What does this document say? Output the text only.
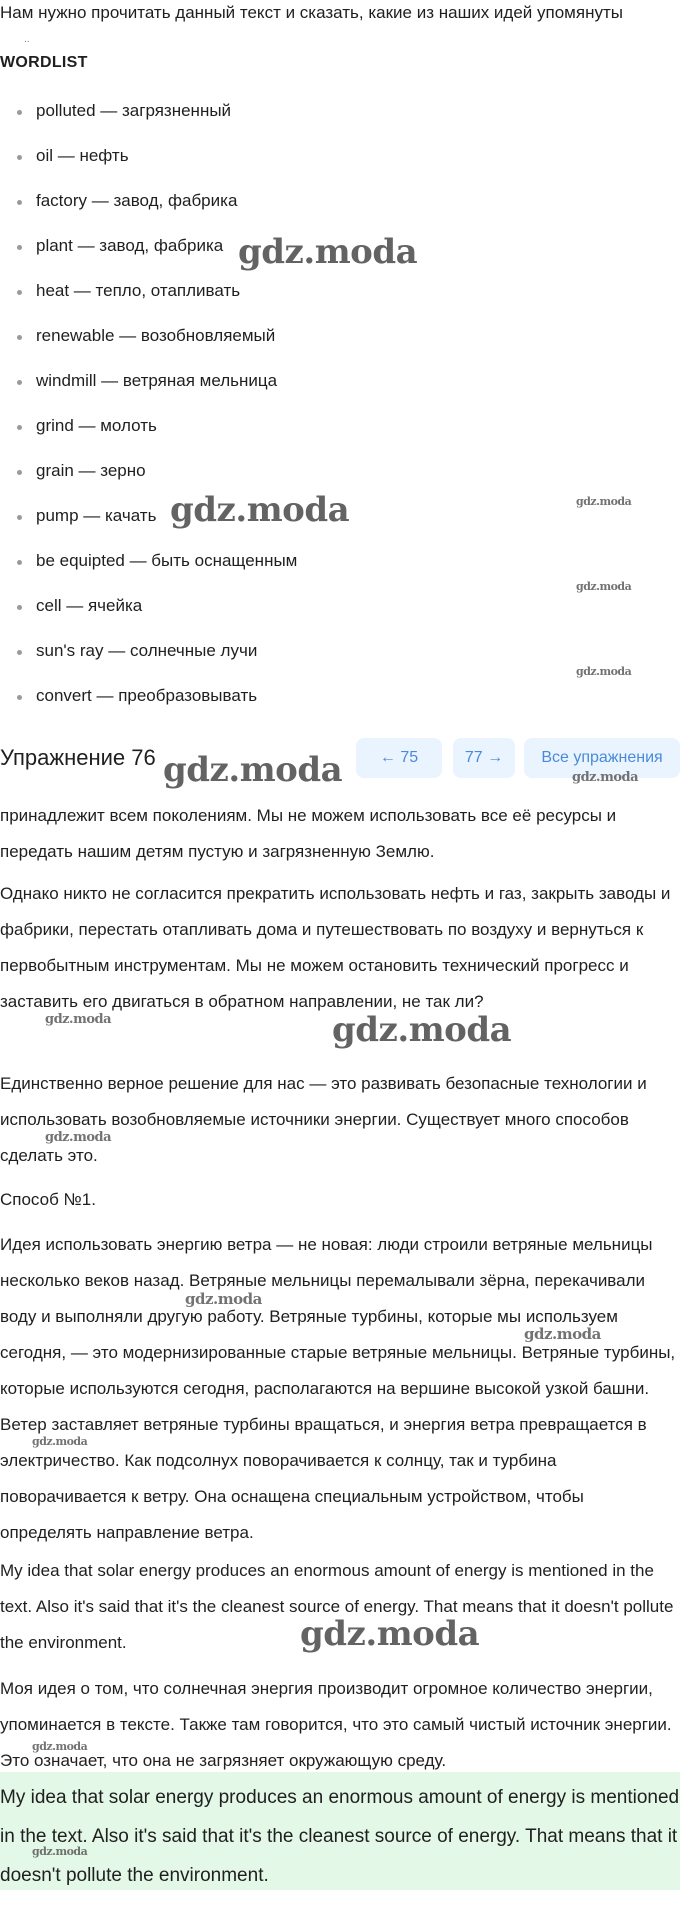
Нам нужно прочитать данный текст и сказать, какие из наших идей упомянуты
..
WORDLIST
polluted — загрязненный
oil — нефть
factory — завод, фабрика
plant — завод, фабрика
heat — тепло, отапливать
renewable — возобновляемый
windmill — ветряная мельница
grind — молоть
grain — зерно
pump — качать
be equipted — быть оснащенным
cell — ячейка
sun's ray — солнечные лучи
convert — преобразовывать
Упражнение 76	← 75	77 →	Все упражнения

принадлежит всем поколениям. Мы не можем использовать все её ресурсы и передать нашим детям пустую и загрязненную Землю.

Однако никто не согласится прекратить использовать нефть и газ, закрыть заводы и фабрики, перестать отапливать дома и путешествовать по воздуху и вернуться к первобытным инструментам. Мы не можем остановить технический прогресс и заставить его двигаться в обратном направлении, не так ли?

Единственно верное решение для нас — это развивать безопасные технологии и использовать возобновляемые источники энергии. Существует много способов сделать это.

Способ №1.

Идея использовать энергию ветра — не новая: люди строили ветряные мельницы несколько веков назад. Ветряные мельницы перемалывали зёрна, перекачивали воду и выполняли другую работу. Ветряные турбины, которые мы используем сегодня, — это модернизированные старые ветряные мельницы. Ветряные турбины, которые используются сегодня, располагаются на вершине высокой узкой башни. Ветер заставляет ветряные турбины вращаться, и энергия ветра превращается в электричество. Как подсолнух поворачивается к солнцу, так и турбина поворачивается к ветру. Она оснащена специальным устройством, чтобы определять направление ветра.

My idea that solar energy produces an enormous amount of energy is mentioned in the text. Also it's said that it's the cleanest source of energy. That means that it doesn't pollute the environment.

Моя идея о том, что солнечная энергия производит огромное количество энергии, упоминается в тексте. Также там говорится, что это самый чистый источник энергии. Это означает, что она не загрязняет окружающую среду.

My idea that solar energy produces an enormous amount of energy is mentioned in the text. Also it's said that it's the cleanest source of energy. That means that it doesn't pollute the environment.

gdz.moda
gdz.moda
gdz.moda
gdz.moda
gdz.moda
gdz.moda
gdz.moda
gdz.moda
gdz.moda
gdz.moda
gdz.moda
gdz.moda
gdz.moda
gdz.moda
gdz.moda
gdz.moda
